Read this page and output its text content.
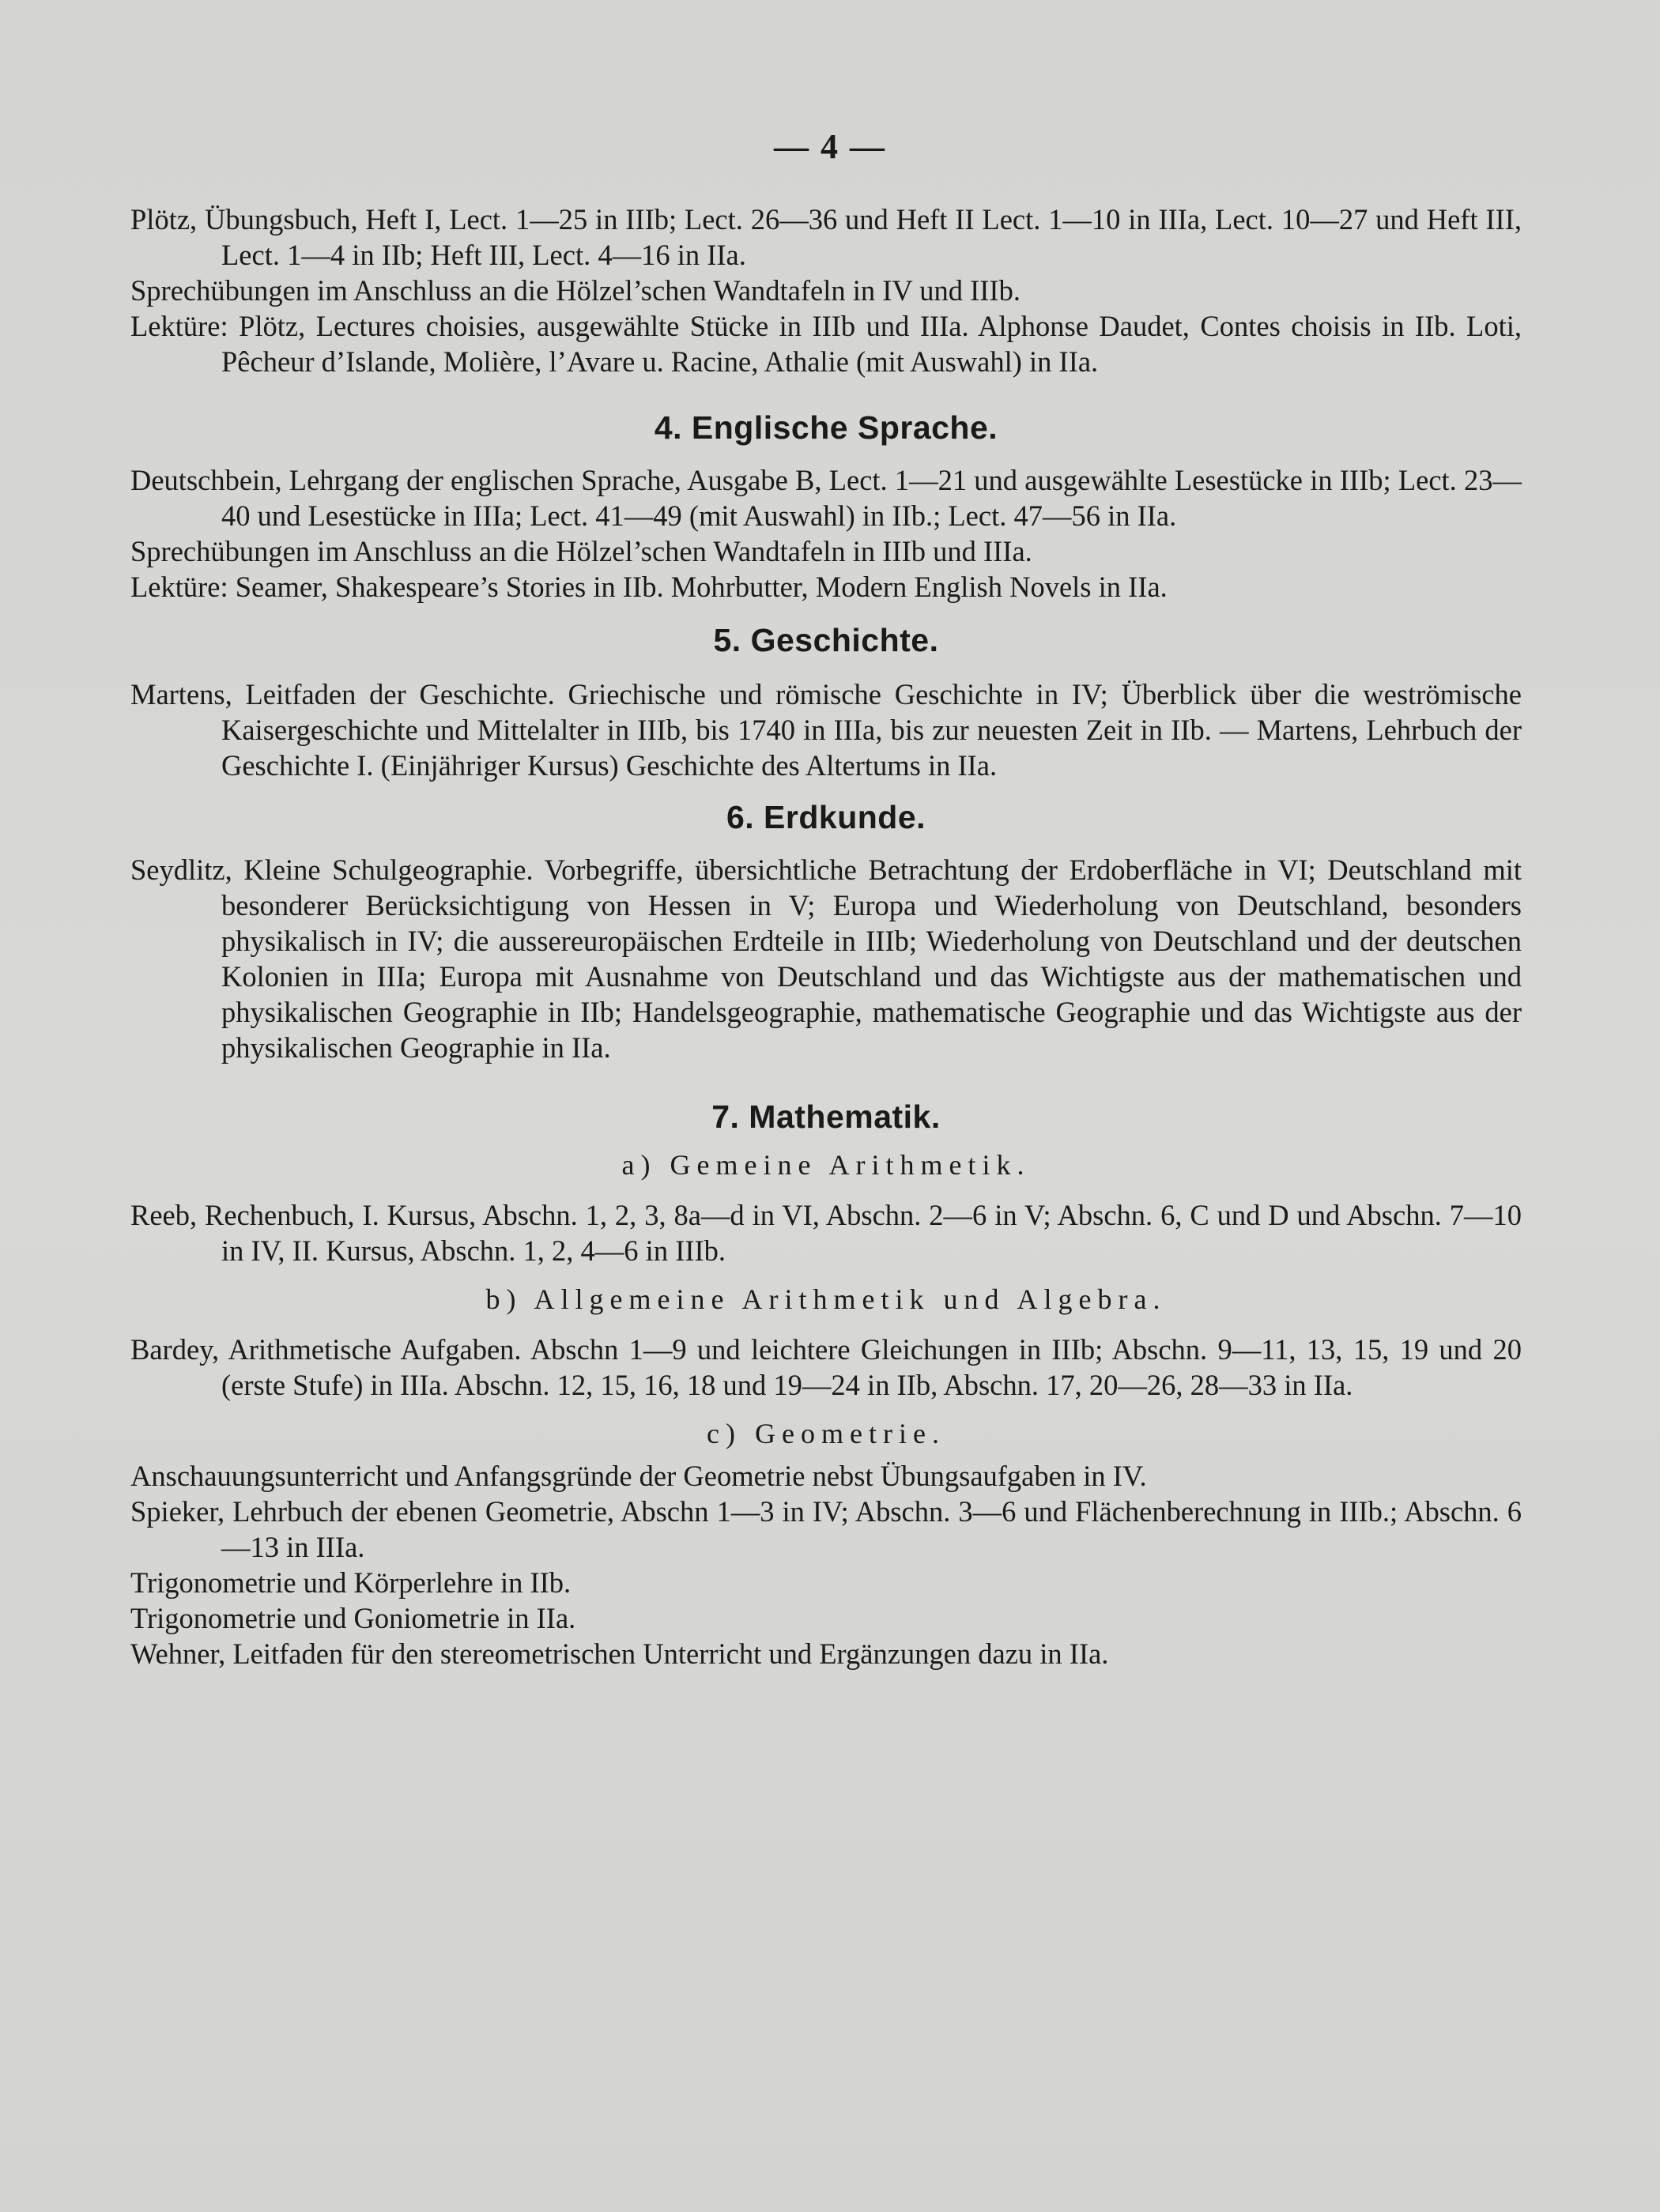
— 4 —

Plötz, Übungsbuch, Heft I, Lect. 1—25 in IIIb; Lect. 26—36 und Heft II Lect. 1—10 in IIIa, Lect. 10—27 und Heft III, Lect. 1—4 in IIb; Heft III, Lect. 4—16 in IIa.

Sprechübungen im Anschluss an die Hölzel’schen Wandtafeln in IV und IIIb.

Lektüre: Plötz, Lectures choisies, ausgewählte Stücke in IIIb und IIIa. Alphonse Daudet, Contes choisis in IIb. Loti, Pêcheur d’Islande, Molière, l’Avare u. Racine, Athalie (mit Auswahl) in IIa.

4. Englische Sprache.

Deutschbein, Lehrgang der englischen Sprache, Ausgabe B, Lect. 1—21 und ausgewählte Lesestücke in IIIb; Lect. 23—40 und Lesestücke in IIIa; Lect. 41—49 (mit Auswahl) in IIb.; Lect. 47—56 in IIa.

Sprechübungen im Anschluss an die Hölzel’schen Wandtafeln in IIIb und IIIa.

Lektüre: Seamer, Shakespeare’s Stories in IIb. Mohrbutter, Modern English Novels in IIa.

5. Geschichte.

Martens, Leitfaden der Geschichte. Griechische und römische Geschichte in IV; Überblick über die weströmische Kaisergeschichte und Mittelalter in IIIb, bis 1740 in IIIa, bis zur neuesten Zeit in IIb. — Martens, Lehrbuch der Geschichte I. (Einjähriger Kursus) Geschichte des Altertums in IIa.

6. Erdkunde.

Seydlitz, Kleine Schulgeographie. Vorbegriffe, übersichtliche Betrachtung der Erdoberfläche in VI; Deutschland mit besonderer Berücksichtigung von Hessen in V; Europa und Wiederholung von Deutschland, besonders physikalisch in IV; die aussereuropäischen Erdteile in IIIb; Wiederholung von Deutschland und der deutschen Kolonien in IIIa; Europa mit Ausnahme von Deutschland und das Wichtigste aus der mathematischen und physikalischen Geographie in IIb; Handelsgeographie, mathematische Geographie und das Wichtigste aus der physikalischen Geographie in IIa.

7. Mathematik.

a) Gemeine Arithmetik.

Reeb, Rechenbuch, I. Kursus, Abschn. 1, 2, 3, 8a—d in VI, Abschn. 2—6 in V; Abschn. 6, C und D und Abschn. 7—10 in IV, II. Kursus, Abschn. 1, 2, 4—6 in IIIb.

b) Allgemeine Arithmetik und Algebra.

Bardey, Arithmetische Aufgaben. Abschn 1—9 und leichtere Gleichungen in IIIb; Abschn. 9—11, 13, 15, 19 und 20 (erste Stufe) in IIIa. Abschn. 12, 15, 16, 18 und 19—24 in IIb, Abschn. 17, 20—26, 28—33 in IIa.

c) Geometrie.

Anschauungsunterricht und Anfangsgründe der Geometrie nebst Übungsaufgaben in IV.

Spieker, Lehrbuch der ebenen Geometrie, Abschn 1—3 in IV; Abschn. 3—6 und Flächenberechnung in IIIb.; Abschn. 6—13 in IIIa.

Trigonometrie und Körperlehre in IIb.

Trigonometrie und Goniometrie in IIa.

Wehner, Leitfaden für den stereometrischen Unterricht und Ergänzungen dazu in IIa.
